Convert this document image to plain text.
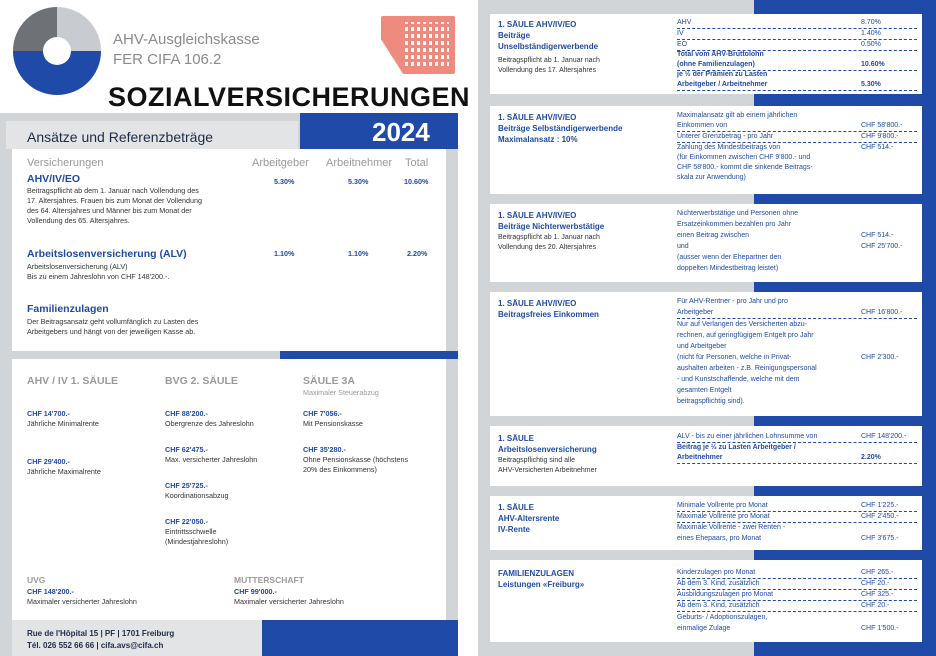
AHV-Ausgleichskasse
FER CIFA 106.2
SOZIALVERSICHERUNGEN
Ansätze und Referenzbeträge	2024
Versicherungen	Arbeitgeber Arbeitnehmer Total
AHV/IV/EO
Beitragspflicht ab dem 1. Januar nach Vollendung des
17. Altersjahres. Frauen bis zum Monat der Vollendung
des 64. Altersjahres und Männer bis zum Monat der
Vollendung des 65. Altersjahres.
5.30%	5.30%	10.60%
Arbeitslosenversicherung (ALV)
Arbeitslosenversicherung (ALV)
Bis zu einem Jahreslohn von CHF 148'200.-.
1.10%	1.10%	2.20%
Familienzulagen
Der Beitragsansatz geht vollumfänglich zu Lasten des
Arbeitgebers und hängt von der jeweiligen Kasse ab.
AHV / IV 1. SÄULE
CHF 14'700.-
Jährliche Minimalrente
CHF 29'400.-
Jährliche Maximalrente
BVG 2. SÄULE
CHF 88'200.-
Obergrenze des Jahreslohn
CHF 62'475.-
Max. versicherter Jahreslohn
CHF 25'725.-
Koordinationsabzug
CHF 22'050.-
Eintrittsschwelle
(Mindestjahreslohn)
SÄULE 3A
Maximaler Steuerabzug
CHF 7'056.-
Mit Pensionskasse
CHF 35'280.-
Ohne Pensionskasse (höchstens
20% des Einkommens)
UVG
CHF 148'200.-
Maximaler versicherter Jahreslohn
MUTTERSCHAFT
CHF 99'000.-
Maximaler versicherter Jahreslohn
Rue de l'Hôpital 15 | PF | 1701 Freiburg
Tél. 026 552 66 66 | cifa.avs@cifa.ch
1. SÄULE AHV/IV/EO
Beiträge
Unselbständigerwerbende
Beitragspflicht ab 1. Januar nach
Vollendung des 17. Altersjahres
AHV	8.70%
IV	1.40%
EO	0.50%
Total vom AHV-Bruttolohn
(ohne Familienzulagen)	10.60%
je ½ der Prämien zu Lasten
Arbeitgeber / Arbeitnehmer	5.30%
1. SÄULE AHV/IV/EO
Beiträge Selbständigerwerbende
Maximalansatz : 10%
Maximalansatz gilt ab einem jährlichen
Einkommen von	CHF 58'800.-
Unterer Grenzbetrag - pro Jahr	CHF 9'800.-
Zahlung des Mindestbeitrags von	CHF 514.-
(für Einkommen zwischen CHF 9'800.- und
CHF 58'800.- kommt die sinkende Beitrags-
skala zur Anwendung)
1. SÄULE AHV/IV/EO
Beiträge Nichterwerbstätige
Beitragspflicht ab 1. Januar nach
Vollendung des 20. Altersjahres
Nichterwerbstätige und Personen ohne
Ersatzeinkommen bezahlen pro Jahr
einen Beitrag zwischen	CHF 514.-
und	CHF 25'700.-
(ausser wenn der Ehepartner den
doppelten Mindestbeitrag leistet)
1. SÄULE AHV/IV/EO
Beitragsfreies Einkommen
Für AHV-Rentner - pro Jahr und pro
Arbeitgeber	CHF 16'800.-
Nur auf Verlangen des Versicherten abzu-
rechnen, auf geringfügigem Entgelt pro Jahr
und Arbeitgeber
(nicht für Personen, welche in Privat-	CHF 2'300.-
aushalten arbeiten - z.B. Reinigungspersonal
- und Kunstschaffende, welche mit dem
gesamten Entgelt
beitragspflichtig sind).
1. SÄULE
Arbeitslosenversicherung
Beitragspflichtig sind alle
AHV-Versicherten Arbeitnehmer
ALV - bis zu einer jährlichen Lohnsumme von	CHF 148'200.-
Beitrag je ½ zu Lasten Arbeitgeber /
Arbeitnehmer	2.20%
1. SÄULE
AHV-Altersrente
IV-Rente
Minimale Vollrente pro Monat	CHF 1'225.-
Maximale Vollrente pro Monat	CHF 2'450.-
Maximale Vollrente - zwei Renten -
eines Ehepaars, pro Monat	CHF 3'675.-
FAMILIENZULAGEN
Leistungen «Freiburg»
Kinderzulagen pro Monat	CHF 265.-
Ab dem 3. Kind, zusätzlich	CHF 20.-
Ausbildungszulagen pro Monat	CHF 325.-
Ab dem 3. Kind, zusätzlich	CHF 20.-
Geburts- / Adoptionszulagen,
einmalige Zulage	CHF 1'500.-
